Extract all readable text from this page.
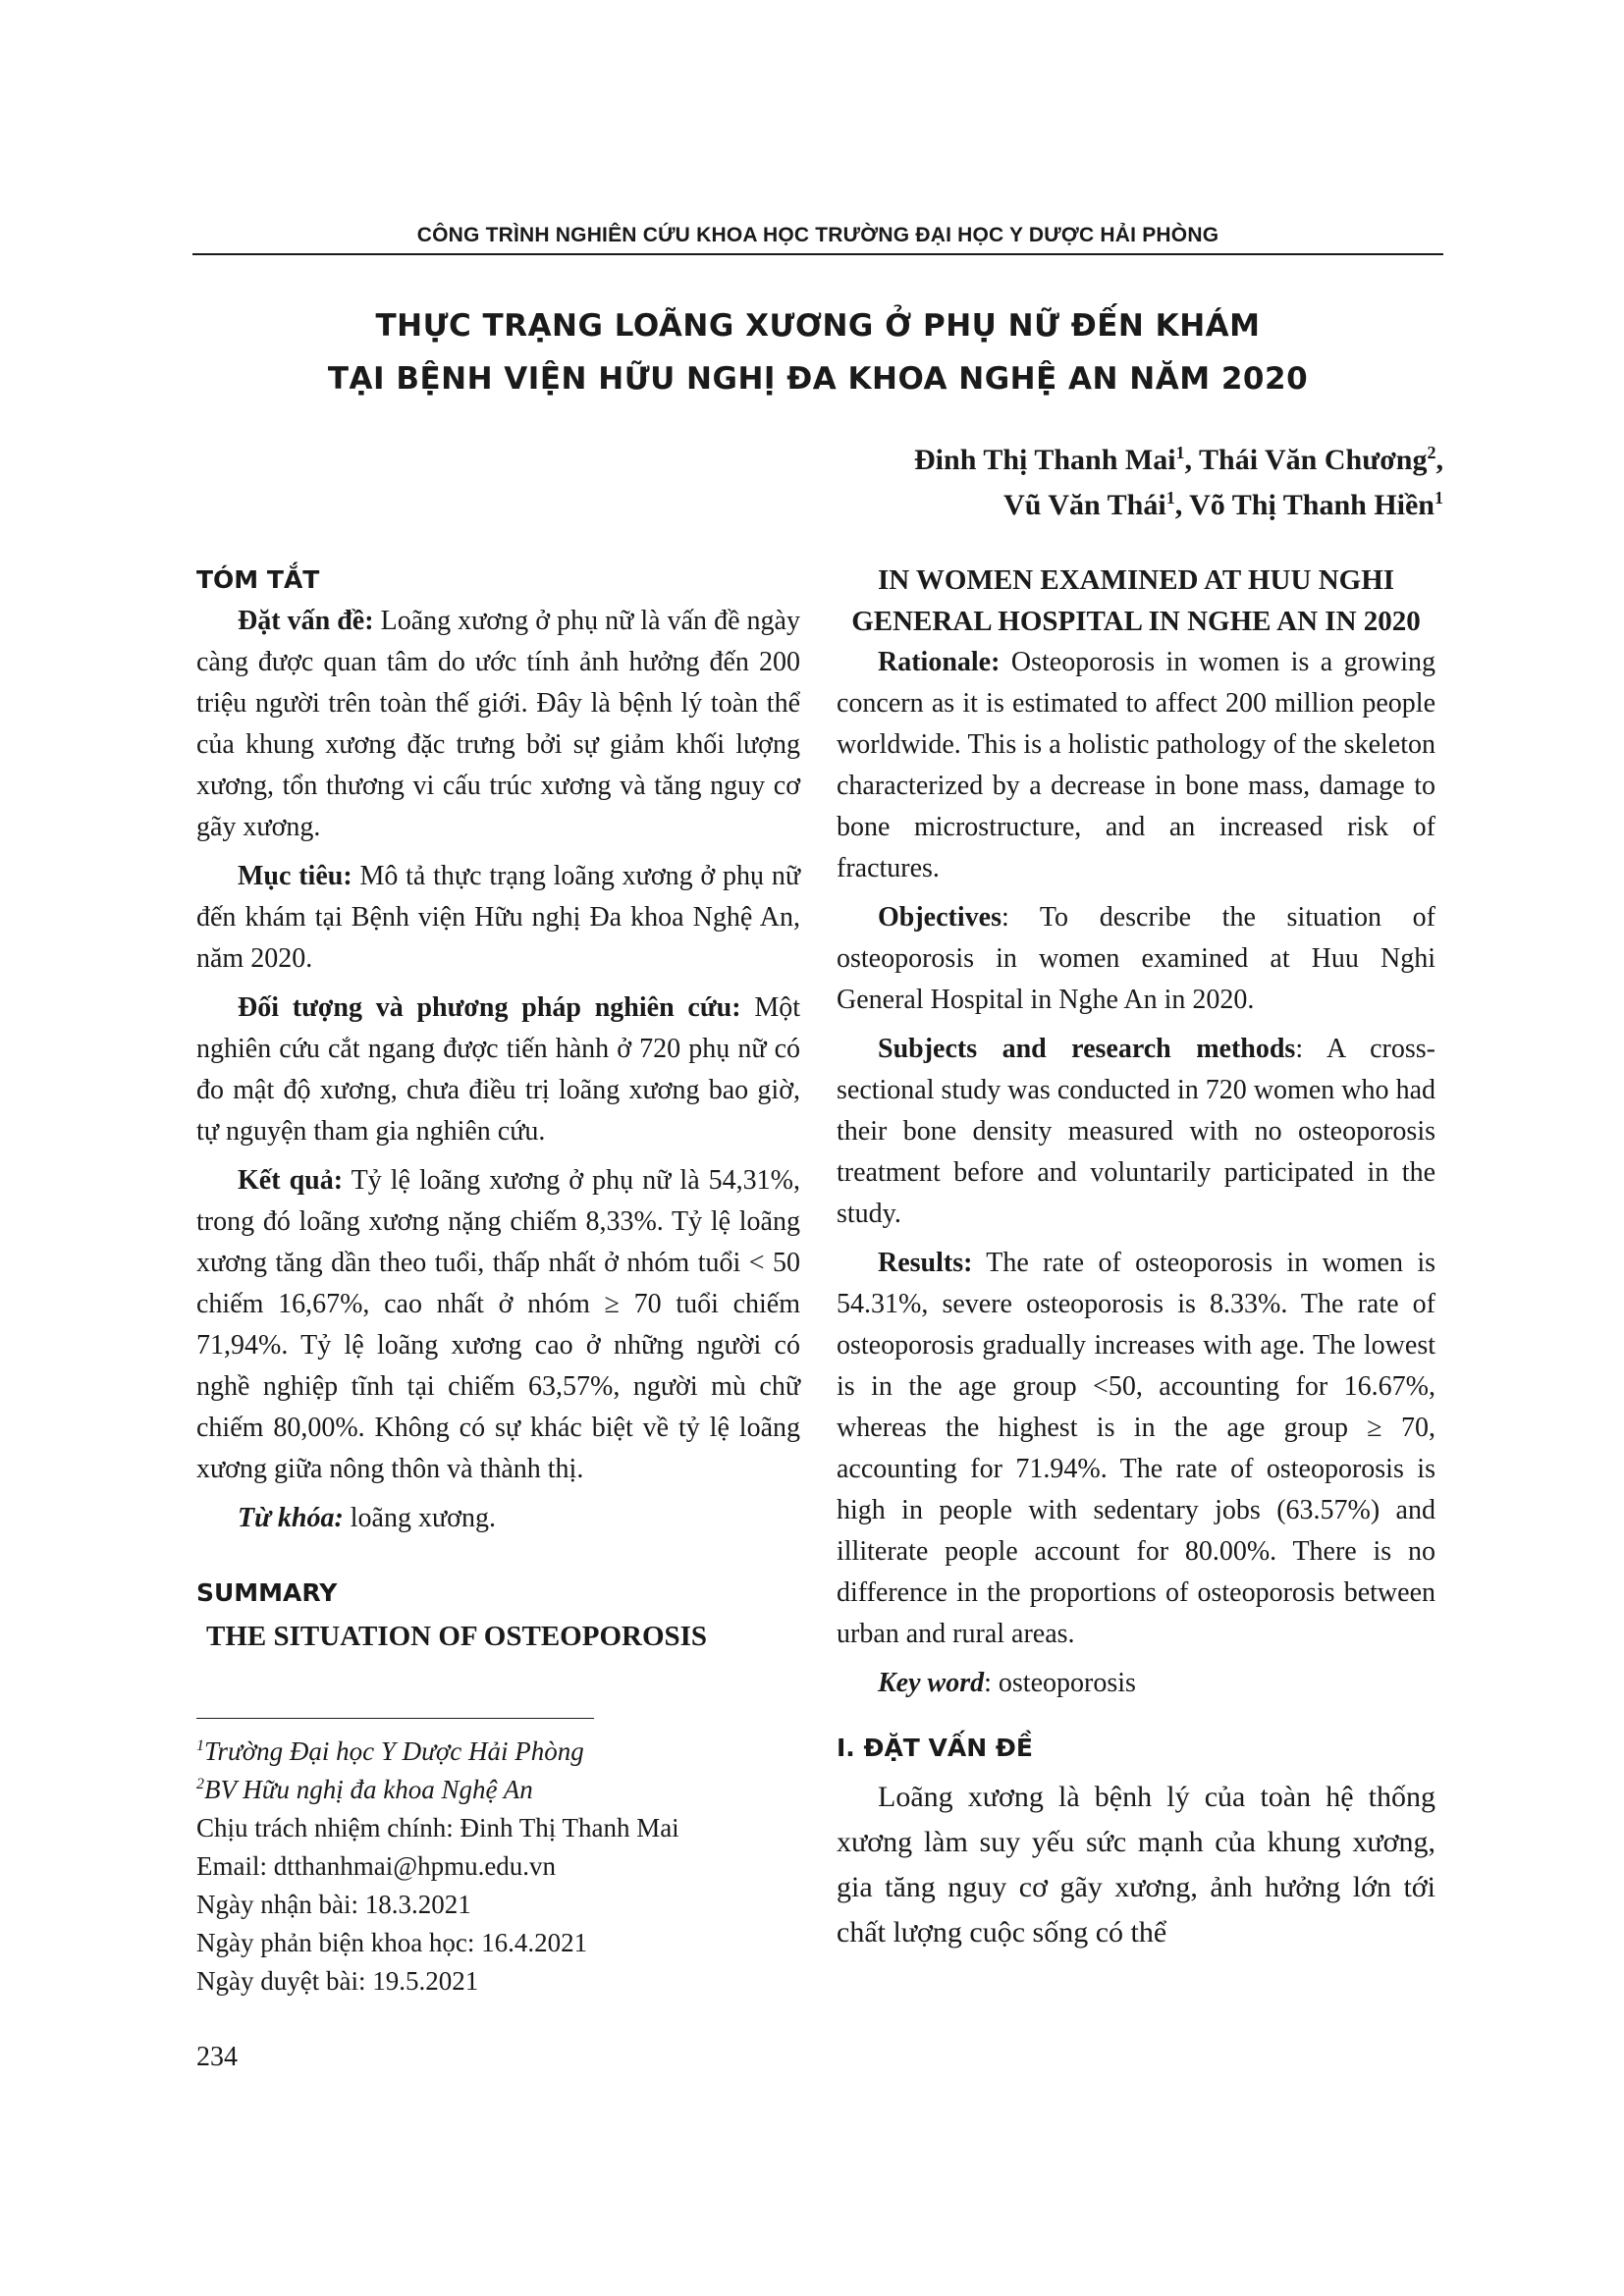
CÔNG TRÌNH NGHIÊN CỨU KHOA HỌC TRƯỜNG ĐẠI HỌC Y DƯỢC HẢI PHÒNG
THỰC TRẠNG LOÃNG XƯƠNG Ở PHỤ NỮ ĐẾN KHÁM
TẠI BỆNH VIỆN HỮU NGHỊ ĐA KHOA NGHỆ AN NĂM 2020
Đinh Thị Thanh Mai$^1$, Thái Văn Chương$^2$,
Vũ Văn Thái$^1$, Võ Thị Thanh Hiền$^1$
TÓM TẮT

Đặt vấn đề: Loãng xương ở phụ nữ là vấn đề ngày càng được quan tâm do ước tính ảnh hưởng đến 200 triệu người trên toàn thế giới. Đây là bệnh lý toàn thể của khung xương đặc trưng bởi sự giảm khối lượng xương, tổn thương vi cấu trúc xương và tăng nguy cơ gãy xương.

Mục tiêu: Mô tả thực trạng loãng xương ở phụ nữ đến khám tại Bệnh viện Hữu nghị Đa khoa Nghệ An, năm 2020.

Đối tượng và phương pháp nghiên cứu: Một nghiên cứu cắt ngang được tiến hành ở 720 phụ nữ có đo mật độ xương, chưa điều trị loãng xương bao giờ, tự nguyện tham gia nghiên cứu.

Kết quả: Tỷ lệ loãng xương ở phụ nữ là 54,31%, trong đó loãng xương nặng chiếm 8,33%. Tỷ lệ loãng xương tăng dần theo tuổi, thấp nhất ở nhóm tuổi < 50 chiếm 16,67%, cao nhất ở nhóm ≥ 70 tuổi chiếm 71,94%. Tỷ lệ loãng xương cao ở những người có nghề nghiệp tĩnh tại chiếm 63,57%, người mù chữ chiếm 80,00%. Không có sự khác biệt về tỷ lệ loãng xương giữa nông thôn và thành thị.

Từ khóa: loãng xương.

SUMMARY
THE SITUATION OF OSTEOPOROSIS
$^1$Trường Đại học Y Dược Hải Phòng
$^2$BV Hữu nghị đa khoa Nghệ An
Chịu trách nhiệm chính: Đinh Thị Thanh Mai
Email: dtthanhmai@hpmu.edu.vn
Ngày nhận bài: 18.3.2021
Ngày phản biện khoa học: 16.4.2021
Ngày duyệt bài: 19.5.2021
234
IN WOMEN EXAMINED AT HUU NGHI GENERAL HOSPITAL IN NGHE AN IN 2020

Rationale: Osteoporosis in women is a growing concern as it is estimated to affect 200 million people worldwide. This is a holistic pathology of the skeleton characterized by a decrease in bone mass, damage to bone microstructure, and an increased risk of fractures.

Objectives: To describe the situation of osteoporosis in women examined at Huu Nghi General Hospital in Nghe An in 2020.

Subjects and research methods: A cross-sectional study was conducted in 720 women who had their bone density measured with no osteoporosis treatment before and voluntarily participated in the study.

Results: The rate of osteoporosis in women is 54.31%, severe osteoporosis is 8.33%. The rate of osteoporosis gradually increases with age. The lowest is in the age group <50, accounting for 16.67%, whereas the highest is in the age group ≥ 70, accounting for 71.94%. The rate of osteoporosis is high in people with sedentary jobs (63.57%) and illiterate people account for 80.00%. There is no difference in the proportions of osteoporosis between urban and rural areas.

Key word: osteoporosis

I. ĐẶT VẤN ĐỀ
Loãng xương là bệnh lý của toàn hệ thống xương làm suy yếu sức mạnh của khung xương, gia tăng nguy cơ gãy xương, ảnh hưởng lớn tới chất lượng cuộc sống có thể
